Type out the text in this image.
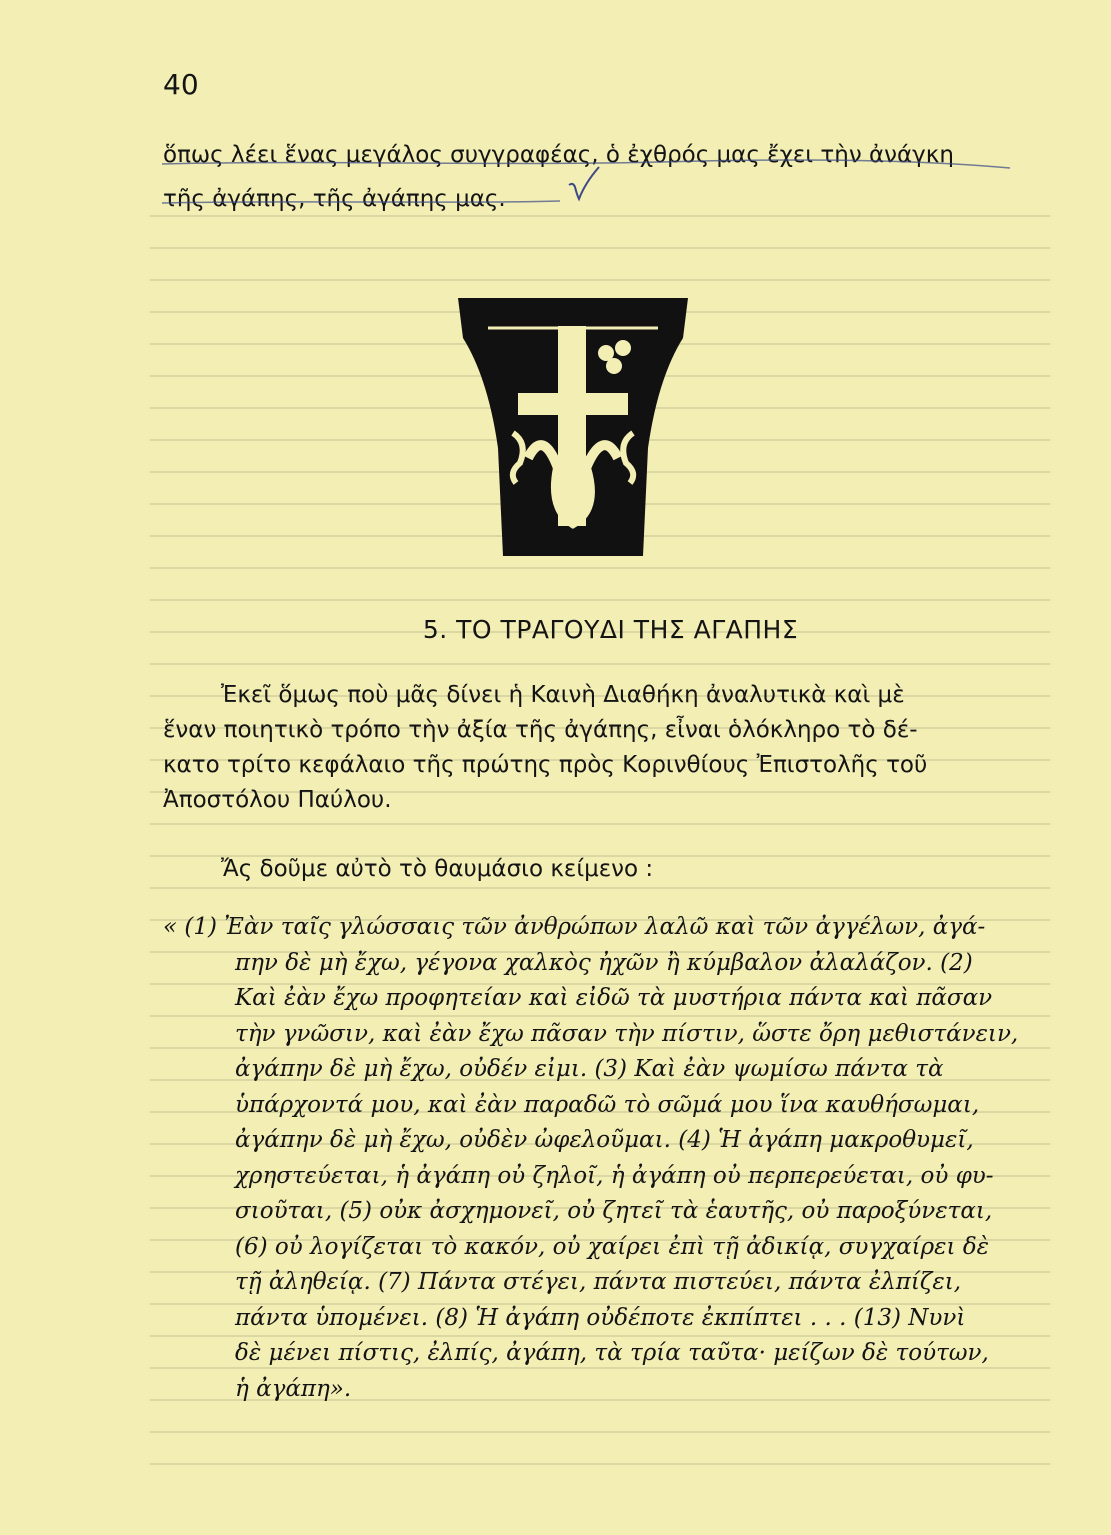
40
ὅπως λέει ἕνας μεγάλος συγγραφέας, ὁ ἐχθρός μας ἔχει τὴν ἀνάγκη
τῆς ἀγάπης, τῆς ἀγάπης μας.
5. ΤΟ ΤΡΑΓΟΥΔΙ ΤΗΣ ΑΓΑΠΗΣ
Ἐκεῖ ὅμως ποὺ μᾶς δίνει ἡ Καινὴ Διαθήκη ἀναλυτικὰ καὶ μὲ
ἕναν ποιητικὸ τρόπο τὴν ἀξία τῆς ἀγάπης, εἶναι ὁλόκληρο τὸ δέ-
κατο τρίτο κεφάλαιο τῆς πρώτης πρὸς Κορινθίους Ἐπιστολῆς τοῦ
Ἀποστόλου Παύλου.
Ἄς δοῦμε αὐτὸ τὸ θαυμάσιο κείμενο :
« (1) Ἐὰν ταῖς γλώσσαις τῶν ἀνθρώπων λαλῶ καὶ τῶν ἀγγέλων, ἀγά-
πην δὲ μὴ ἔχω, γέγονα χαλκὸς ἠχῶν ἢ κύμβαλον ἀλαλάζον. (2)
Καὶ ἐὰν ἔχω προφητείαν καὶ εἰδῶ τὰ μυστήρια πάντα καὶ πᾶσαν
τὴν γνῶσιν, καὶ ἐὰν ἔχω πᾶσαν τὴν πίστιν, ὥστε ὄρη μεθιστάνειν,
ἀγάπην δὲ μὴ ἔχω, οὐδέν εἰμι. (3) Καὶ ἐὰν ψωμίσω πάντα τὰ
ὑπάρχοντά μου, καὶ ἐὰν παραδῶ τὸ σῶμά μου ἵνα καυθήσωμαι,
ἀγάπην δὲ μὴ ἔχω, οὐδὲν ὠφελοῦμαι. (4) Ἡ ἀγάπη μακροθυμεῖ,
χρηστεύεται, ἡ ἀγάπη οὐ ζηλοῖ, ἡ ἀγάπη οὐ περπερεύεται, οὐ φυ-
σιοῦται, (5) οὐκ ἀσχημονεῖ, οὐ ζητεῖ τὰ ἑαυτῆς, οὐ παροξύνεται,
(6) οὐ λογίζεται τὸ κακόν, οὐ χαίρει ἐπὶ τῇ ἀδικίᾳ, συγχαίρει δὲ
τῇ ἀληθείᾳ. (7) Πάντα στέγει, πάντα πιστεύει, πάντα ἐλπίζει,
πάντα ὑπομένει. (8) Ἡ ἀγάπη οὐδέποτε ἐκπίπτει . . . (13) Νυνὶ
δὲ μένει πίστις, ἐλπίς, ἀγάπη, τὰ τρία ταῦτα· μείζων δὲ τούτων,
ἡ ἀγάπη».
